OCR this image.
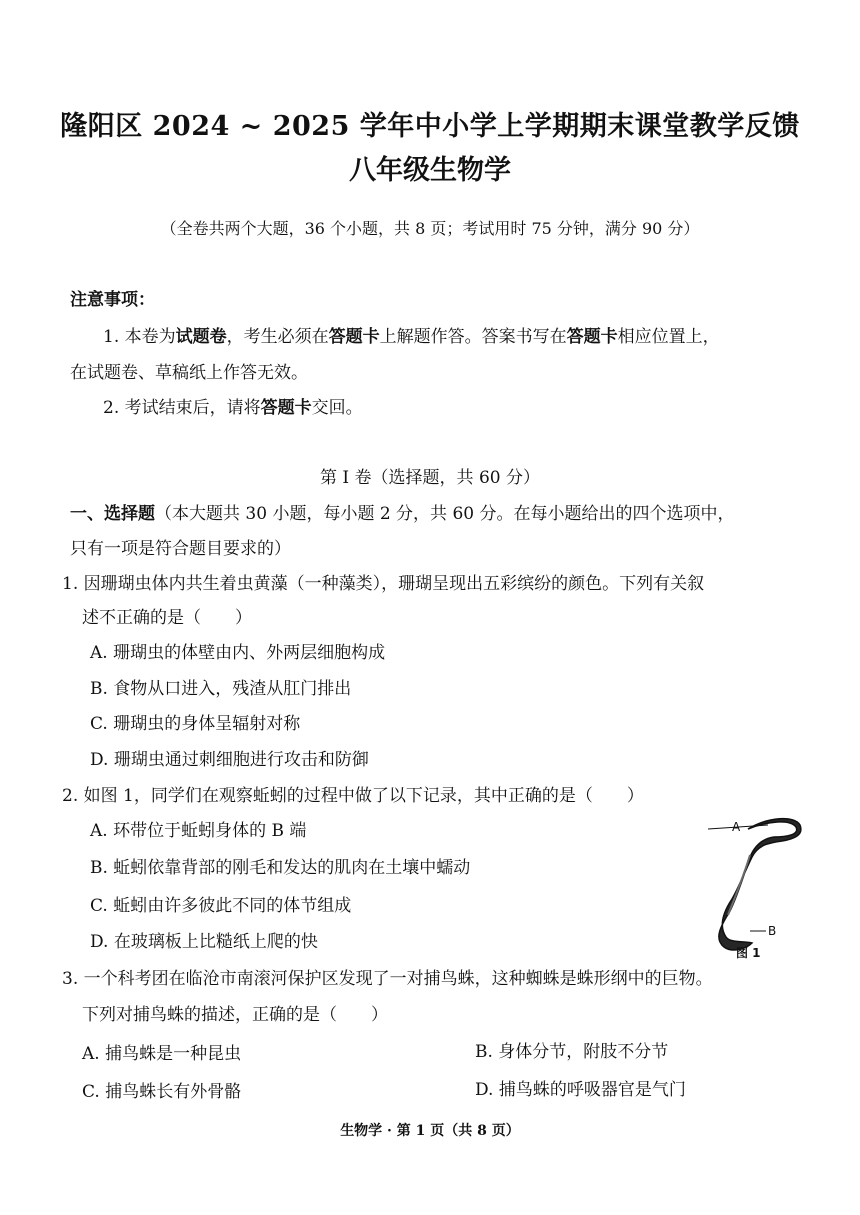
隆阳区 2024 ~ 2025 学年中小学上学期期末课堂教学反馈
八年级生物学
（全卷共两个大题，36 个小题，共 8 页；考试用时 75 分钟，满分 90 分）
注意事项：
1. 本卷为试题卷，考生必须在答题卡上解题作答。答案书写在答题卡相应位置上，
在试题卷、草稿纸上作答无效。
2. 考试结束后，请将答题卡交回。
第 Ⅰ 卷（选择题，共 60 分）
一、选择题（本大题共 30 小题，每小题 2 分，共 60 分。在每小题给出的四个选项中，
只有一项是符合题目要求的）
1. 因珊瑚虫体内共生着虫黄藻（一种藻类），珊瑚呈现出五彩缤纷的颜色。下列有关叙
述不正确的是（　　）
A. 珊瑚虫的体壁由内、外两层细胞构成
B. 食物从口进入，残渣从肛门排出
C. 珊瑚虫的身体呈辐射对称
D. 珊瑚虫通过刺细胞进行攻击和防御
2. 如图 1，同学们在观察蚯蚓的过程中做了以下记录，其中正确的是（　　）
A. 环带位于蚯蚓身体的 B 端
B. 蚯蚓依靠背部的刚毛和发达的肌肉在土壤中蠕动
C. 蚯蚓由许多彼此不同的体节组成
D. 在玻璃板上比糙纸上爬的快
A
B
图 1
3. 一个科考团在临沧市南滚河保护区发现了一对捕鸟蛛，这种蜘蛛是蛛形纲中的巨物。
下列对捕鸟蛛的描述，正确的是（　　）
A. 捕鸟蛛是一种昆虫	B. 身体分节，附肢不分节
C. 捕鸟蛛长有外骨骼	D. 捕鸟蛛的呼吸器官是气门
生物学 · 第 1 页（共 8 页）
